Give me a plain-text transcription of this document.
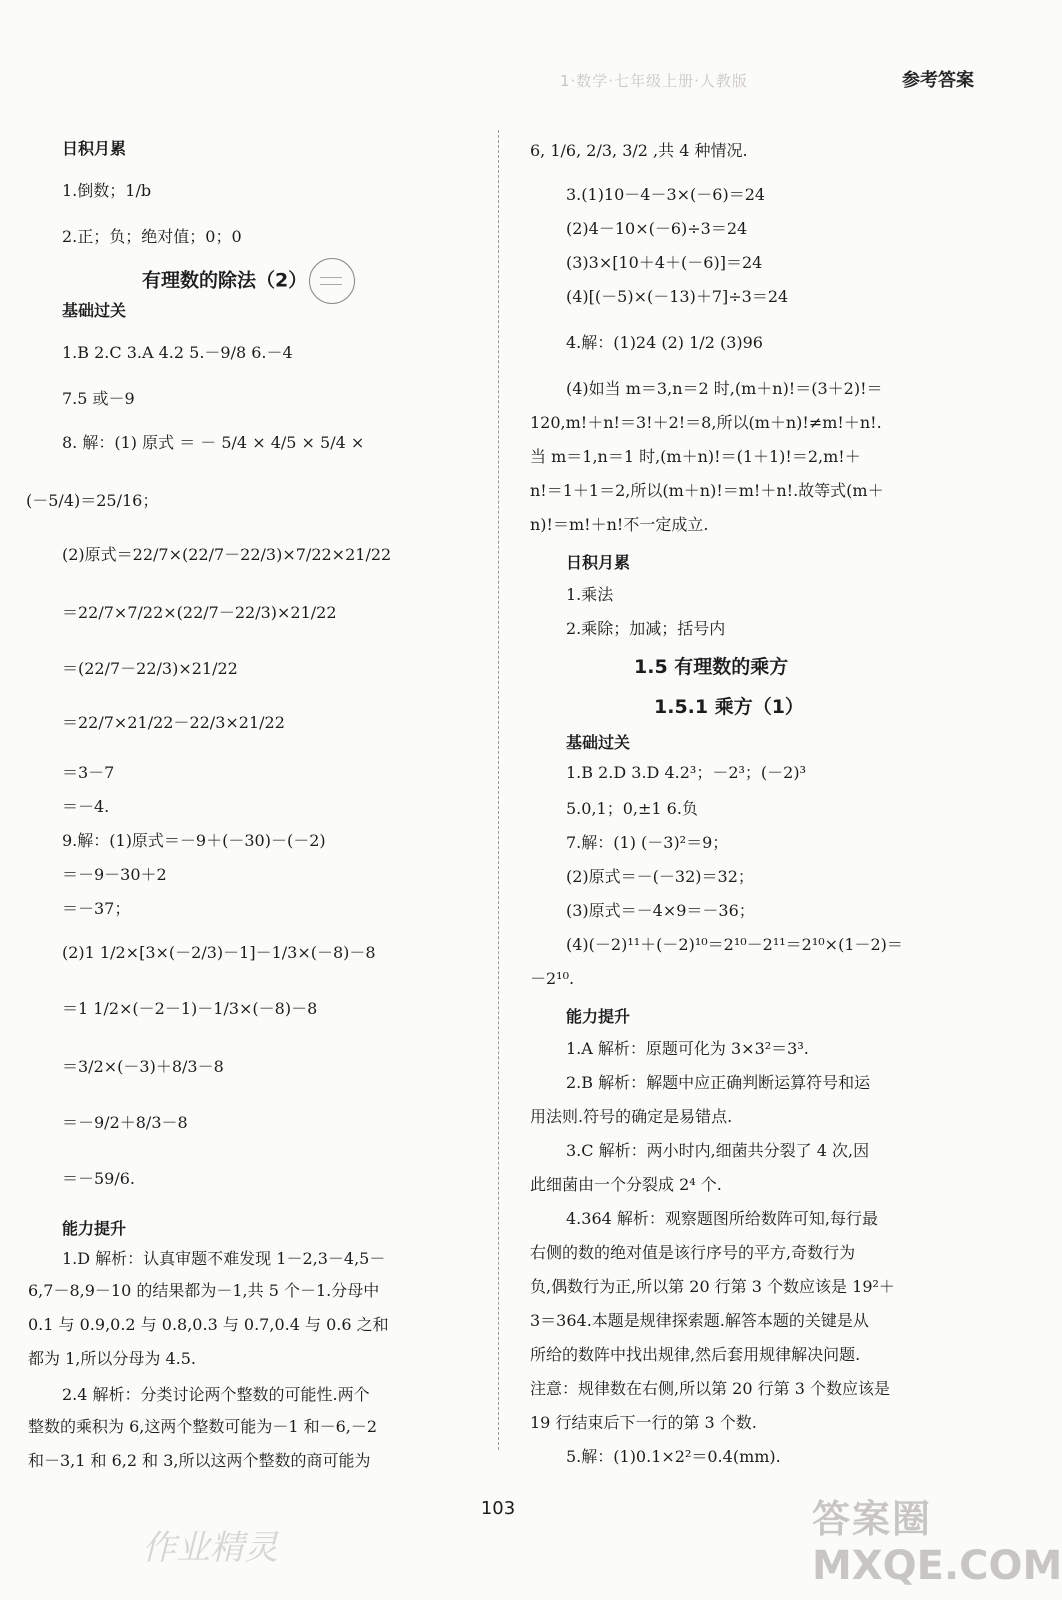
1·数学·七年级上册·人教版	参考答案
日积月累
1.倒数；1/b
2.正；负；绝对值；0；0
有理数的除法（2）
基础过关
1.B 2.C 3.A 4.2 5.－9/8 6.－4
7.5 或－9
8. 解：(1) 原式 ＝ － 5/4 × 4/5 × 5/4 ×
(－5/4)＝25/16；
(2)原式＝22/7×(22/7－22/3)×7/22×21/22
＝22/7×7/22×(22/7－22/3)×21/22
＝(22/7－22/3)×21/22
＝22/7×21/22－22/3×21/22
＝3－7
＝－4.
9.解：(1)原式＝－9＋(－30)－(－2)
＝－9－30＋2
＝－37；
(2)1 1/2×[3×(－2/3)－1]－1/3×(－8)－8
＝1 1/2×(－2－1)－1/3×(－8)－8
＝3/2×(－3)＋8/3－8
＝－9/2＋8/3－8
＝－59/6.
能力提升
1.D 解析：认真审题不难发现 1－2,3－4,5－
6,7－8,9－10 的结果都为－1,共 5 个－1.分母中
0.1 与 0.9,0.2 与 0.8,0.3 与 0.7,0.4 与 0.6 之和
都为 1,所以分母为 4.5.
2.4 解析：分类讨论两个整数的可能性.两个
整数的乘积为 6,这两个整数可能为－1 和－6,－2
和－3,1 和 6,2 和 3,所以这两个整数的商可能为
6, 1/6, 2/3, 3/2 ,共 4 种情况.
3.(1)10－4－3×(－6)＝24
(2)4－10×(－6)÷3＝24
(3)3×[10＋4＋(－6)]＝24
(4)[(－5)×(－13)＋7]÷3＝24
4.解：(1)24 (2) 1/2 (3)96
(4)如当 m＝3,n＝2 时,(m＋n)!＝(3＋2)!＝
120,m!＋n!＝3!＋2!＝8,所以(m＋n)!≠m!＋n!.
当 m＝1,n＝1 时,(m＋n)!＝(1＋1)!＝2,m!＋
n!＝1＋1＝2,所以(m＋n)!＝m!＋n!.故等式(m＋
n)!＝m!＋n!不一定成立.
日积月累
1.乘法
2.乘除；加减；括号内
1.5 有理数的乘方
1.5.1 乘方（1）
基础过关
1.B 2.D 3.D 4.2³；－2³；(－2)³
5.0,1；0,±1 6.负
7.解：(1) (－3)²＝9；
(2)原式＝－(－32)＝32；
(3)原式＝－4×9＝－36；
(4)(－2)¹¹＋(－2)¹⁰＝2¹⁰－2¹¹＝2¹⁰×(1－2)＝
－2¹⁰.
能力提升
1.A 解析：原题可化为 3×3²＝3³.
2.B 解析：解题中应正确判断运算符号和运
用法则.符号的确定是易错点.
3.C 解析：两小时内,细菌共分裂了 4 次,因
此细菌由一个分裂成 2⁴ 个.
4.364 解析：观察题图所给数阵可知,每行最
右侧的数的绝对值是该行序号的平方,奇数行为
负,偶数行为正,所以第 20 行第 3 个数应该是 19²＋
3＝364.本题是规律探索题.解答本题的关键是从
所给的数阵中找出规律,然后套用规律解决问题.
注意：规律数在右侧,所以第 20 行第 3 个数应该是
19 行结束后下一行的第 3 个数.
5.解：(1)0.1×2²＝0.4(mm).
103
作业精灵
答案圈
MXQE.COM
